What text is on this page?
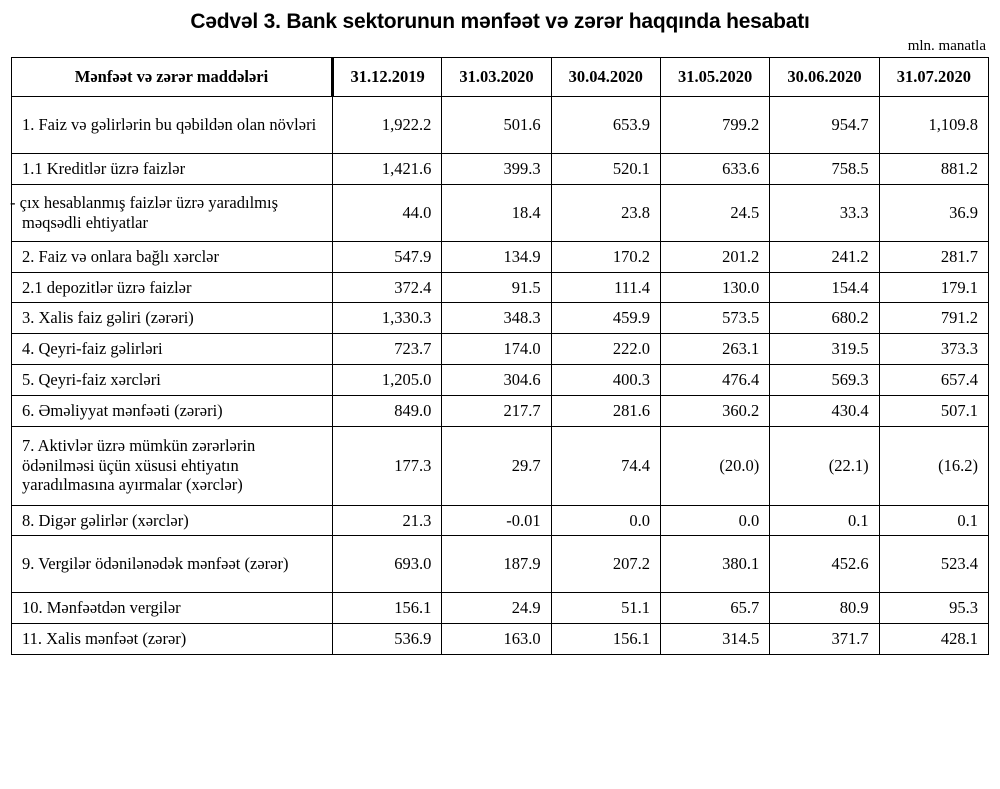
Cədvəl 3. Bank sektorunun mənfəət və zərər haqqında hesabatı
mln. manatla
Mənfəət və zərər maddələri	31.12.2019	31.03.2020	30.04.2020	31.05.2020	30.06.2020	31.07.2020
1. Faiz və gəlirlərin bu qəbildən olan növləri	1,922.2	501.6	653.9	799.2	954.7	1,109.8
1.1 Kreditlər üzrə faizlər	1,421.6	399.3	520.1	633.6	758.5	881.2
- çıx hesablanmış faizlər üzrə yaradılmış məqsədli ehtiyatlar	44.0	18.4	23.8	24.5	33.3	36.9
2. Faiz və onlara bağlı xərclər	547.9	134.9	170.2	201.2	241.2	281.7
2.1 depozitlər üzrə faizlər	372.4	91.5	111.4	130.0	154.4	179.1
3. Xalis faiz gəliri (zərəri)	1,330.3	348.3	459.9	573.5	680.2	791.2
4. Qeyri-faiz gəlirləri	723.7	174.0	222.0	263.1	319.5	373.3
5. Qeyri-faiz xərcləri	1,205.0	304.6	400.3	476.4	569.3	657.4
6. Əməliyyat mənfəəti (zərəri)	849.0	217.7	281.6	360.2	430.4	507.1
7. Aktivlər üzrə mümkün zərərlərin ödənilməsi üçün xüsusi ehtiyatın yaradılmasına ayırmalar (xərclər)	177.3	29.7	74.4	(20.0)	(22.1)	(16.2)
8. Digər gəlirlər (xərclər)	21.3	-0.01	0.0	0.0	0.1	0.1
9. Vergilər ödənilənədək mənfəət (zərər)	693.0	187.9	207.2	380.1	452.6	523.4
10. Mənfəətdən vergilər	156.1	24.9	51.1	65.7	80.9	95.3
11. Xalis mənfəət (zərər)	536.9	163.0	156.1	314.5	371.7	428.1
